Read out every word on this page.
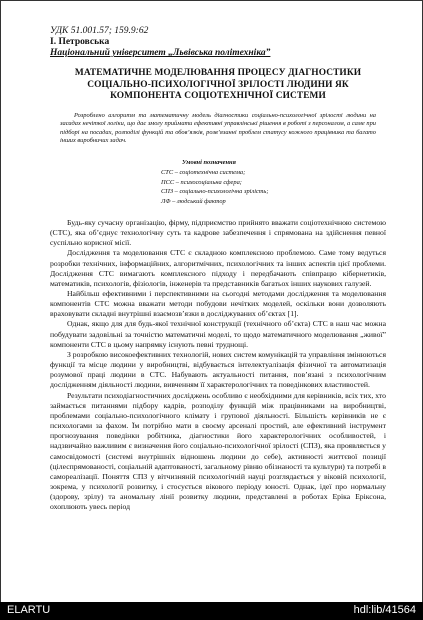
УДК 51.001.57; 159.9:62
І. Петровська
Національний університет „Львівська політехніка”
МАТЕМАТИЧНЕ МОДЕЛЮВАННЯ ПРОЦЕСУ ДІАГНОСТИКИ
СОЦІАЛЬНО-ПСИХОЛОГІЧНОЇ ЗРІЛОСТІ ЛЮДИНИ ЯК
КОМПОНЕНТА СОЦІОТЕХНІЧНОЇ СИСТЕМИ
Розроблено алгоритм та математичну модель діагностики соціально-психологічної зрілості людини на засадах нечіткої логіки, що дає змогу приймати ефективні управлінські рішення в роботі з персоналом, а саме при підборі на посадах, розподілі функцій та обов’язків, розв’язанні проблем статусу кожного працівника та багато інших виробничих задач.
Умовні позначення
СТС – соціотехнічна система;
ПСС – психосоціальна сфера;
СПЗ – соціально-психологічна зрілість;
ЛФ – людський фактор

Будь-яку сучасну організацію, фірму, підприємство прийнято вважати соціотехнічною системою (СТС), яка об’єднує технологічну суть та кадрове забезпечення і спрямована на здійснення певної суспільно корисної місії.

Дослідження та моделювання СТС є складною комплексною проблемою. Саме тому ведуться розробки технічних, інформаційних, алгоритмічних, психологічних та інших аспектів цієї проблеми. Дослідження СТС вимагають комплексного підходу і передбачають співпрацю кібернетиків, математиків, психологів, фізіологів, інженерів та представників багатьох інших наукових галузей.

Найбільш ефективними і перспективними на сьогодні методами дослідження та моделювання компонентів СТС можна вважати методи побудови нечітких моделей, оскільки вони дозволяють враховувати складні внутрішні взаємозв’язки в досліджуваних об’єктах [1].

Однак, якщо для для будь-якої технічної конструкції (технічного об’єкта) СТС в наш час можна побудувати задовільні за точністю математичні моделі, то щодо математичного моделювання „живої” компоненти СТС в цьому напрямку існують певні труднощі.

З розробкою високоефективних технологій, нових систем комунікацій та управління змінюються функції та місце людини у виробництві, відбувається інтелектуалізація фізичної та автоматизація розумової праці людини в СТС. Набувають актуальності питання, пов’язані з психологічним дослідженням діяльності людини, вивченням її характерологічних та поведінкових властивостей.

Результати психодіагностичних досліджень особливо є необхідними для керівників, всіх тих, хто займається питаннями підбору кадрів, розподілу функцій між працівниками на виробництві, проблемами соціально-психологічного клімату і групової діяльності. Більшість керівників не є психологами за фахом. Їм потрібно мати в своєму арсеналі простий, але ефективний інструмент прогнозування поведінки робітника, діагностики його характерологічних особливостей, і надзвичайно важливим є визначення його соціально-психологічної зрілості (СПЗ), яка проявляється у самосвідомості (системі внутрішніх відношень людини до себе), активності життєвої позиції (цілеспрямованості, соціальній адаптованості, загальному рівню обізнаності та культури) та потребі в самореалізації. Поняття СПЗ у вітчизняній психологічній науці розглядається у віковій психології, зокрема, у психології розвитку, і стосується вікового періоду юності. Однак, ідеї про нормальну (здорову, зрілу) та аномальну лінії розвитку людини, представлені в роботах Еріка Еріксона, охоплюють увесь період

ELARTU	hdl:lib/41564
